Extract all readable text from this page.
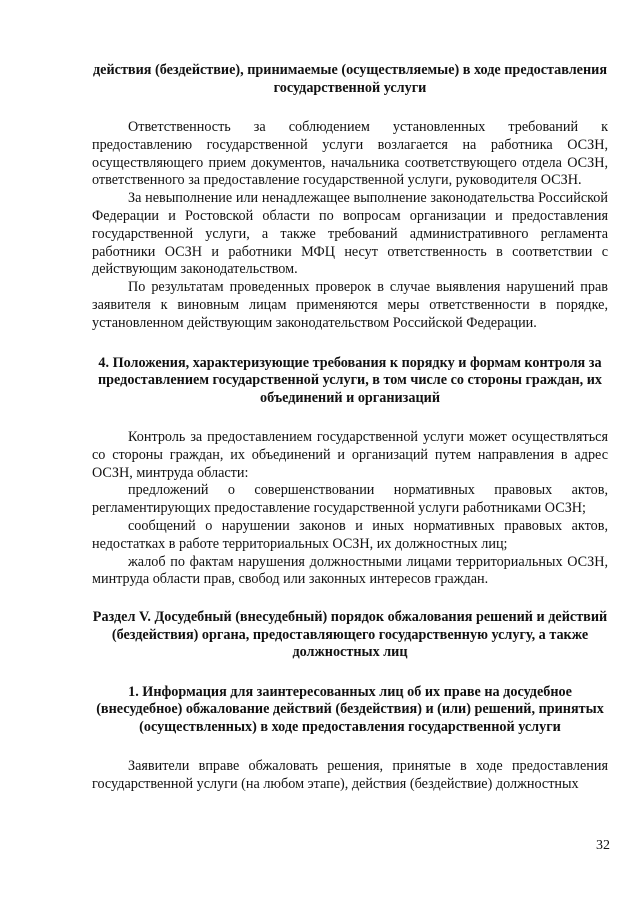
действия (бездействие), принимаемые (осуществляемые) в ходе предоставления государственной услуги

Ответственность за соблюдением установленных требований к предоставлению государственной услуги возлагается на работника ОСЗН, осуществляющего прием документов, начальника соответствующего отдела ОСЗН, ответственного за предоставление государственной услуги, руководителя ОСЗН.

За невыполнение или ненадлежащее выполнение законодательства Российской Федерации и Ростовской области по вопросам организации и предоставления государственной услуги, а также требований административного регламента работники ОСЗН и работники МФЦ несут ответственность в соответствии с действующим законодательством.

По результатам проведенных проверок в случае выявления нарушений прав заявителя к виновным лицам применяются меры ответственности в порядке, установленном действующим законодательством Российской Федерации.

4. Положения, характеризующие требования к порядку и формам контроля за предоставлением государственной услуги, в том числе со стороны граждан, их объединений и организаций

Контроль за предоставлением государственной услуги может осуществляться со стороны граждан, их объединений и организаций путем направления в адрес ОСЗН, минтруда области:

предложений о совершенствовании нормативных правовых актов, регламентирующих предоставление государственной услуги работниками ОСЗН;

сообщений о нарушении законов и иных нормативных правовых актов, недостатках в работе территориальных ОСЗН, их должностных лиц;

жалоб по фактам нарушения должностными лицами территориальных ОСЗН, минтруда области прав, свобод или законных интересов граждан.

Раздел V. Досудебный (внесудебный) порядок обжалования решений и действий (бездействия) органа, предоставляющего государственную услугу, а также должностных лиц

1. Информация для заинтересованных лиц об их праве на досудебное (внесудебное) обжалование действий (бездействия) и (или) решений, принятых (осуществленных) в ходе предоставления государственной услуги

Заявители вправе обжаловать решения, принятые в ходе предоставления государственной услуги (на любом этапе), действия (бездействие) должностных

32
